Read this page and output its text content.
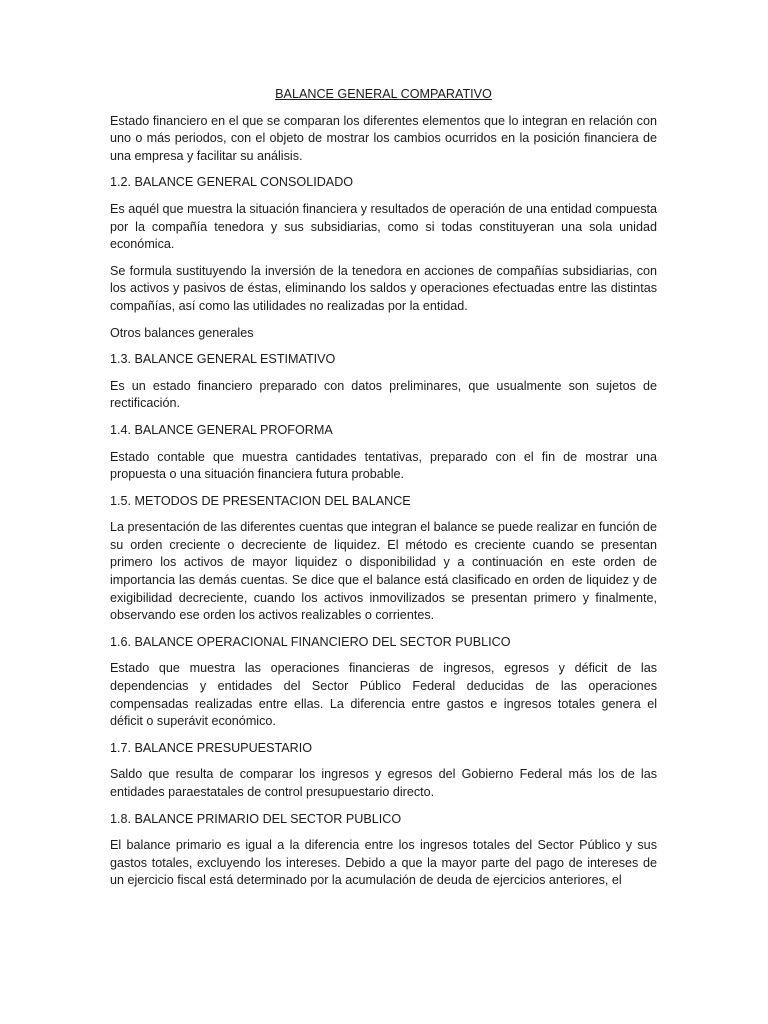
BALANCE GENERAL COMPARATIVO

Estado financiero en el que se comparan los diferentes elementos que lo integran en relación con uno o más periodos, con el objeto de mostrar los cambios ocurridos en la posición financiera de una empresa y facilitar su análisis.

1.2. BALANCE GENERAL CONSOLIDADO

Es aquél que muestra la situación financiera y resultados de operación de una entidad compuesta por la compañía tenedora y sus subsidiarias, como si todas constituyeran una sola unidad económica.

Se formula sustituyendo la inversión de la tenedora en acciones de compañías subsidiarias, con los activos y pasivos de éstas, eliminando los saldos y operaciones efectuadas entre las distintas compañías, así como las utilidades no realizadas por la entidad.

Otros balances generales

1.3. BALANCE GENERAL ESTIMATIVO

Es un estado financiero preparado con datos preliminares, que usualmente son sujetos de rectificación.

1.4. BALANCE GENERAL PROFORMA

Estado contable que muestra cantidades tentativas, preparado con el fin de mostrar una propuesta o una situación financiera futura probable.

1.5. METODOS DE PRESENTACION DEL BALANCE

La presentación de las diferentes cuentas que integran el balance se puede realizar en función de su orden creciente o decreciente de liquidez. El método es creciente cuando se presentan primero los activos de mayor liquidez o disponibilidad y a continuación en este orden de importancia las demás cuentas. Se dice que el balance está clasificado en orden de liquidez y de exigibilidad decreciente, cuando los activos inmovilizados se presentan primero y finalmente, observando ese orden los activos realizables o corrientes.

1.6. BALANCE OPERACIONAL FINANCIERO DEL SECTOR PUBLICO

Estado que muestra las operaciones financieras de ingresos, egresos y déficit de las dependencias y entidades del Sector Público Federal deducidas de las operaciones compensadas realizadas entre ellas. La diferencia entre gastos e ingresos totales genera el déficit o superávit económico.

1.7. BALANCE PRESUPUESTARIO

Saldo que resulta de comparar los ingresos y egresos del Gobierno Federal más los de las entidades paraestatales de control presupuestario directo.

1.8. BALANCE PRIMARIO DEL SECTOR PUBLICO

El balance primario es igual a la diferencia entre los ingresos totales del Sector Público y sus gastos totales, excluyendo los intereses. Debido a que la mayor parte del pago de intereses de un ejercicio fiscal está determinado por la acumulación de deuda de ejercicios anteriores, el
